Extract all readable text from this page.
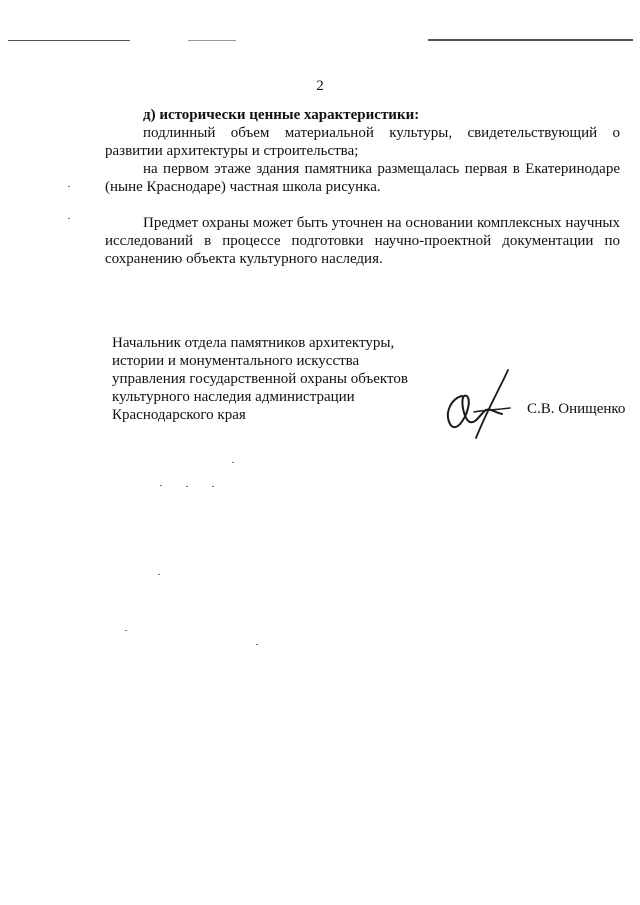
2

д) исторически ценные характеристики:

подлинный объем материальной культуры, свидетельствующий о развитии архитектуры и строительства;

на первом этаже здания памятника размещалась первая в Екатеринодаре (ныне Краснодаре) частная школа рисунка.

Предмет охраны может быть уточнен на основании комплексных научных исследований в процессе подготовки научно-проектной документации по сохранению объекта культурного наследия.

Начальник отдела памятников архитектуры,
истории и монументального искусства
управления государственной охраны объектов
культурного наследия администрации
Краснодарского края	С.В. Онищенко
